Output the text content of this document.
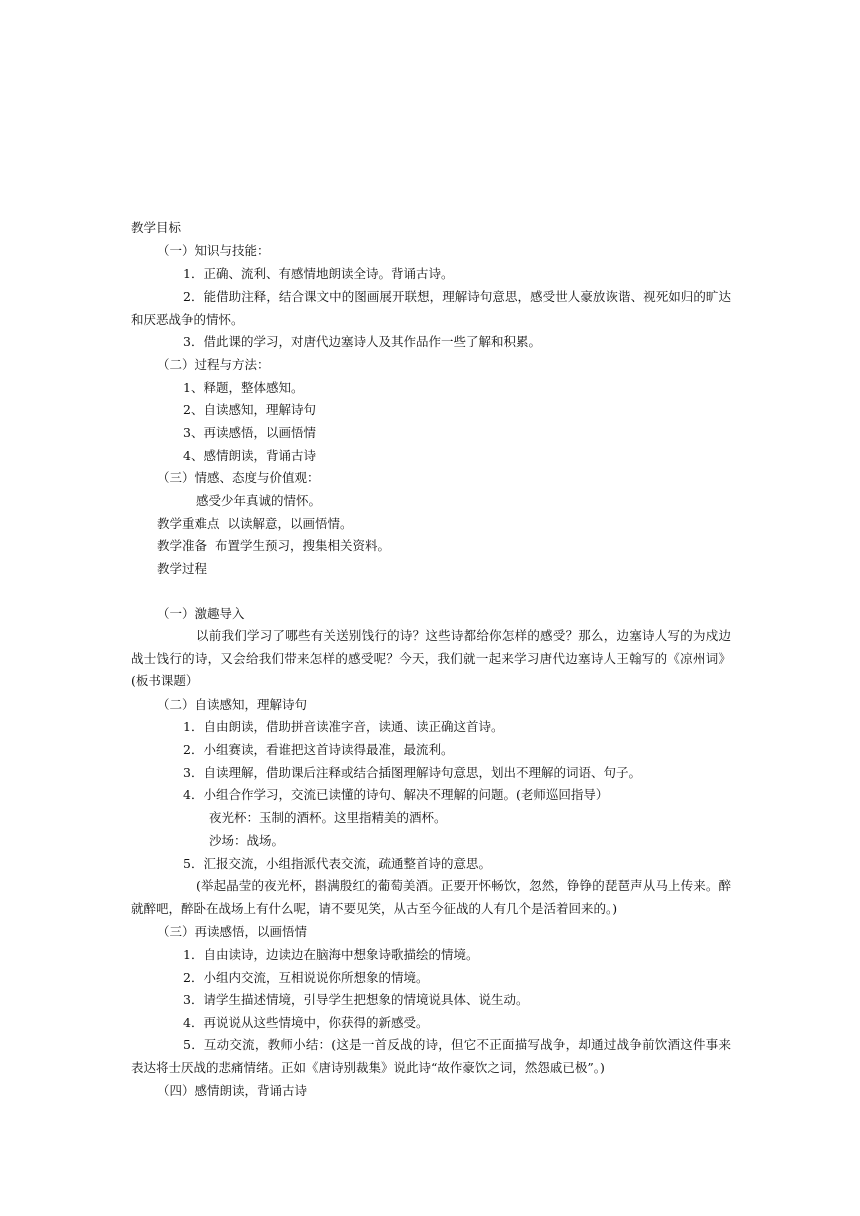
教学目标
（一）知识与技能：
1．正确、流利、有感情地朗读全诗。背诵古诗。
2．能借助注释，结合课文中的图画展开联想，理解诗句意思，感受世人豪放诙谐、视死如归的旷达和厌恶战争的情怀。
3．借此课的学习，对唐代边塞诗人及其作品作一些了解和积累。
（二）过程与方法：
1、释题，整体感知。
2、自读感知，理解诗句
3、再读感悟，以画悟情
4、感情朗读，背诵古诗
（三）情感、态度与价值观：
感受少年真诚的情怀。
教学重难点  以读解意，以画悟情。
教学准备  布置学生预习，搜集相关资料。
教学过程
（一）激趣导入
以前我们学习了哪些有关送别饯行的诗？这些诗都给你怎样的感受？那么，边塞诗人写的为戍边战士饯行的诗，又会给我们带来怎样的感受呢？今天，我们就一起来学习唐代边塞诗人王翰写的《凉州词》(板书课题）
（二）自读感知，理解诗句
1．自由朗读，借助拼音读准字音，读通、读正确这首诗。
2．小组赛读，看谁把这首诗读得最准，最流利。
3．自读理解，借助课后注释或结合插图理解诗句意思，划出不理解的词语、句子。
4．小组合作学习，交流已读懂的诗句、解决不理解的问题。(老师巡回指导）
夜光杯：玉制的酒杯。这里指精美的酒杯。
沙场：战场。
5．汇报交流，小组指派代表交流，疏通整首诗的意思。
(举起晶莹的夜光杯，斟满殷红的葡萄美酒。正要开怀畅饮，忽然，铮铮的琵琶声从马上传来。醉就醉吧，醉卧在战场上有什么呢，请不要见笑，从古至今征战的人有几个是活着回来的。)
（三）再读感悟，以画悟情
1．自由读诗，边读边在脑海中想象诗歌描绘的情境。
2．小组内交流，互相说说你所想象的情境。
3．请学生描述情境，引导学生把想象的情境说具体、说生动。
4．再说说从这些情境中，你获得的新感受。
5．互动交流，教师小结：(这是一首反战的诗，但它不正面描写战争，却通过战争前饮酒这件事来表达将士厌战的悲痛情绪。正如《唐诗别裁集》说此诗“故作豪饮之词，然怨戚已极”。)
（四）感情朗读，背诵古诗
